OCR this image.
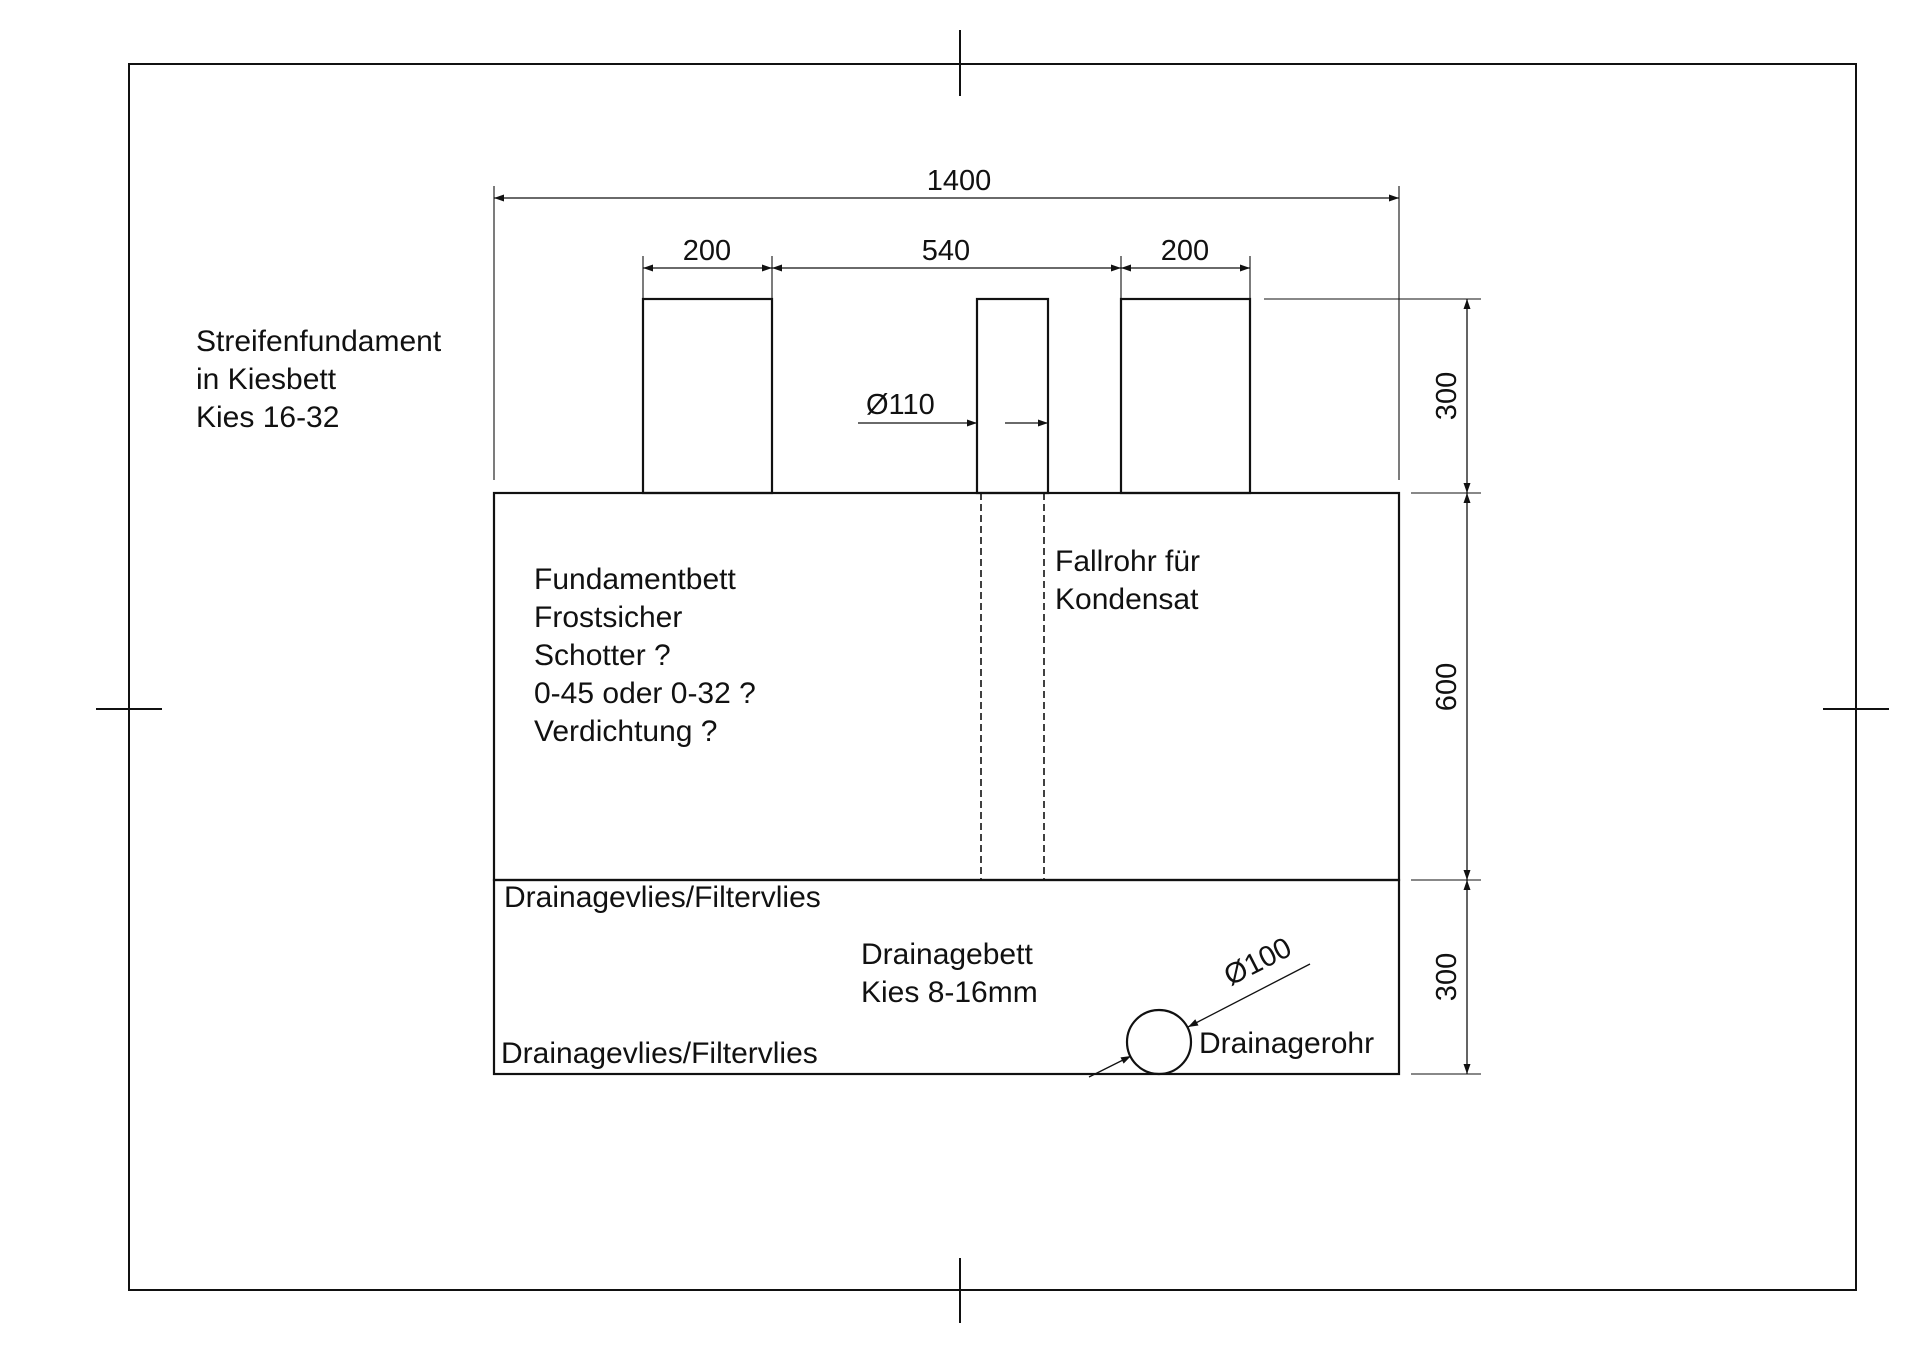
1400
200	540	200
Ø110	300
600
300
Ø100
Streifenfundament in Kiesbett Kies 16-32
Fundamentbett Frostsicher Schotter ? 0-45 oder 0-32 ? Verdichtung ?
Fallrohr für Kondensat
Drainagevlies/Filtervlies
Drainagebett Kies 8-16mm
Drainagevlies/Filtervlies	Drainagerohr
